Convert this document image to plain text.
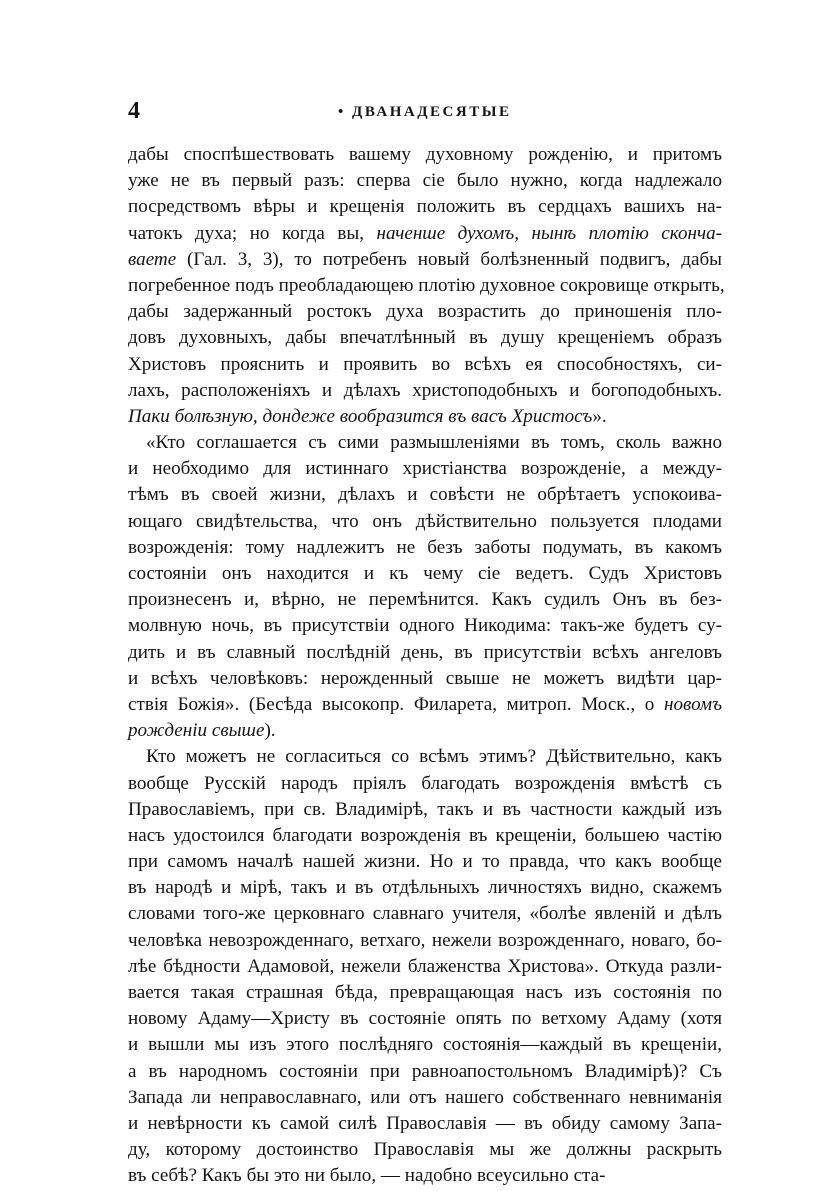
4	• ДВАНАДЕСЯТЫЕ

дабы споспѣшествовать вашему духовному рожденію, и притомъ
уже не въ первый разъ: сперва сіе было нужно, когда надлежало
посредствомъ вѣры и крещенія положить въ сердцахъ вашихъ на-
чатокъ духа; но когда вы, наченше духомъ, нынѣ плотію сконча-
ваете (Гал. 3, 3), то потребенъ новый болѣзненный подвигъ, дабы
погребенное подъ преобладающею плотію духовное сокровище открыть,
дабы задержанный ростокъ духа возрастить до приношенія пло-
довъ духовныхъ, дабы впечатлѣнный въ душу крещеніемъ образъ
Христовъ прояснить и проявить во всѣхъ ея способностяхъ, си-
лахъ, расположеніяхъ и дѣлахъ христоподобныхъ и богоподобныхъ.
Паки болѣзную, дондеже вообразится въ васъ Христосъ».

«Кто соглашается съ сими размышленіями въ томъ, сколь важно
и необходимо для истиннаго христіанства возрожденіе, а междy-
тѣмъ въ своей жизни, дѣлахъ и совѣсти не обрѣтаетъ успокоива-
ющаго свидѣтельства, что онъ дѣйствительно пользуется плодами
возрожденія: тому надлежитъ не безъ заботы подумать, въ какомъ
состояніи онъ находится и къ чему сіе ведетъ. Судъ Христовъ
произнесенъ и, вѣрно, не перемѣнится. Какъ судилъ Онъ въ без-
молвную ночь, въ присутствіи одного Никодима: такъ-же будетъ су-
дить и въ славный послѣдній день, въ присутствіи всѣхъ ангеловъ
и всѣхъ человѣковъ: нерожденный свыше не можетъ видѣти цар-
ствія Божія». (Бесѣда высокопр. Филарета, митроп. Моск., о новомъ
рожденіи свыше).

Кто можетъ не согласиться со всѣмъ этимъ? Дѣйствительно, какъ
вообще Русскій народъ пріялъ благодать возрожденія вмѣстѣ съ
Православіемъ, при св. Владимірѣ, такъ и въ частности каждый изъ
насъ удостоился благодати возрожденія въ крещеніи, большею частію
при самомъ началѣ нашей жизни. Но и то правда, что какъ вообще
въ народѣ и мірѣ, такъ и въ отдѣльныхъ личностяхъ видно, скажемъ
словами того-же церковнаго славнаго учителя, «болѣе явленій и дѣлъ
человѣка невозрожденнаго, ветхаго, нежели возрожденнаго, новаго, бо-
лѣе бѣдности Адамовой, нежели блаженства Христова». Откуда разли-
вается такая страшная бѣда, превращающая насъ изъ состоянія по
новому Адаму—Христу въ состояніе опять по ветхому Адаму (хотя
и вышли мы изъ этого послѣдняго состоянія—каждый въ крещеніи,
а въ народномъ состояніи при равноапостольномъ Владимірѣ)? Съ
Запада ли неправославнаго, или отъ нашего собственнаго невниманія
и невѣрности къ самой силѣ Православія — въ обиду самому Запа-
ду, которому достоинство Православія мы же должны раскрыть
въ себѣ? Какъ бы это ни было, — надобно всеусильно ста-
